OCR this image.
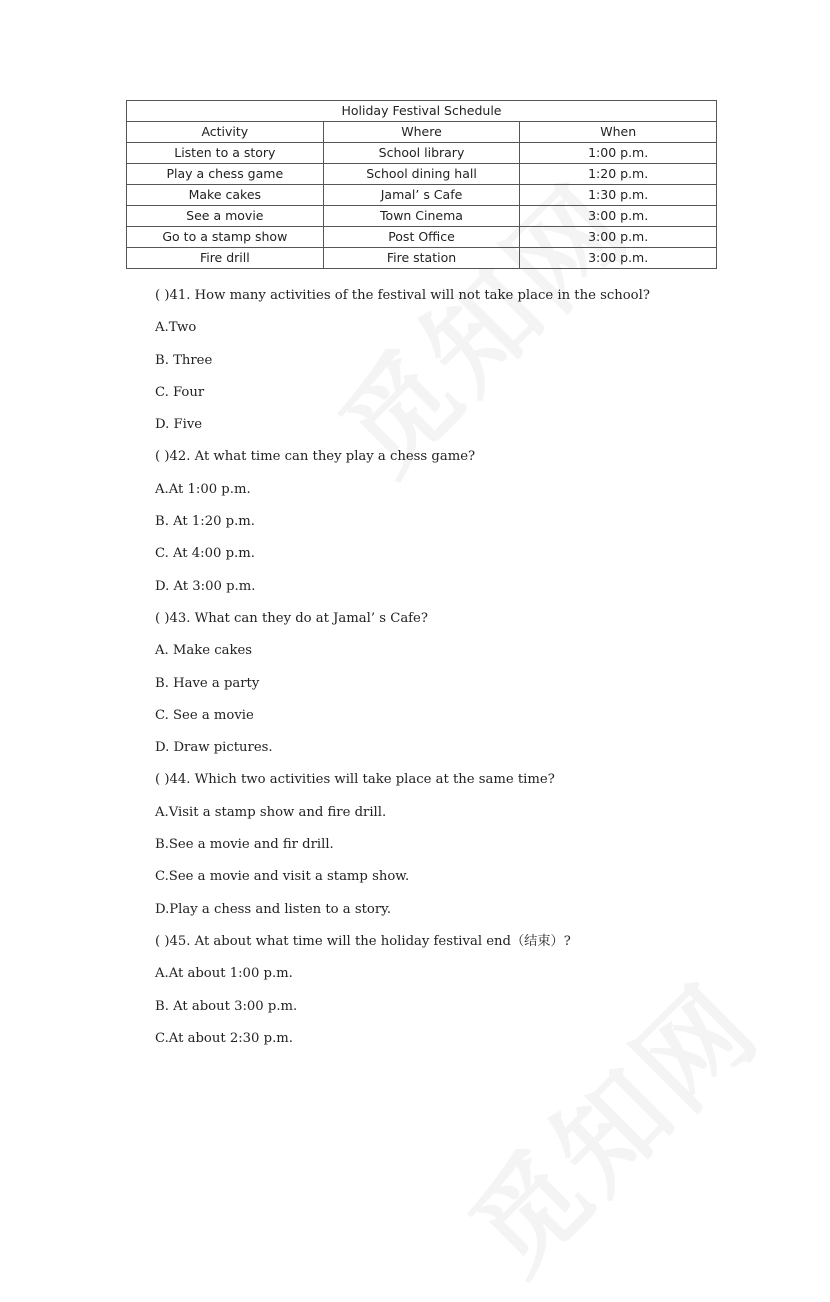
Holiday Festival Schedule		
Activity	Where	When
Listen to a story	School library	1:00 p.m.
Play a chess game	School dining hall	1:20 p.m.
Make cakes	Jamal’ s Cafe	1:30 p.m.
See a movie	Town Cinema	3:00 p.m.
Go to a stamp show	Post Office	3:00 p.m.
Fire drill	Fire station	3:00 p.m.
( )41. How many activities of the festival will not take place in the school?
A.Two
B. Three
C. Four
D. Five
( )42. At what time can they play a chess game?
A.At 1:00 p.m.
B. At 1:20 p.m.
C. At 4:00 p.m.
D. At 3:00 p.m.
( )43. What can they do at Jamal’ s Cafe?
A. Make cakes
B. Have a party
C. See a movie
D. Draw pictures.
( )44. Which two activities will take place at the same time?
A.Visit a stamp show and fire drill.
B.See a movie and fir drill.
C.See a movie and visit a stamp show.
D.Play a chess and listen to a story.
( )45. At about what time will the holiday festival end（结束）?
A.At about 1:00 p.m.
B. At about 3:00 p.m.
C.At about 2:30 p.m.
